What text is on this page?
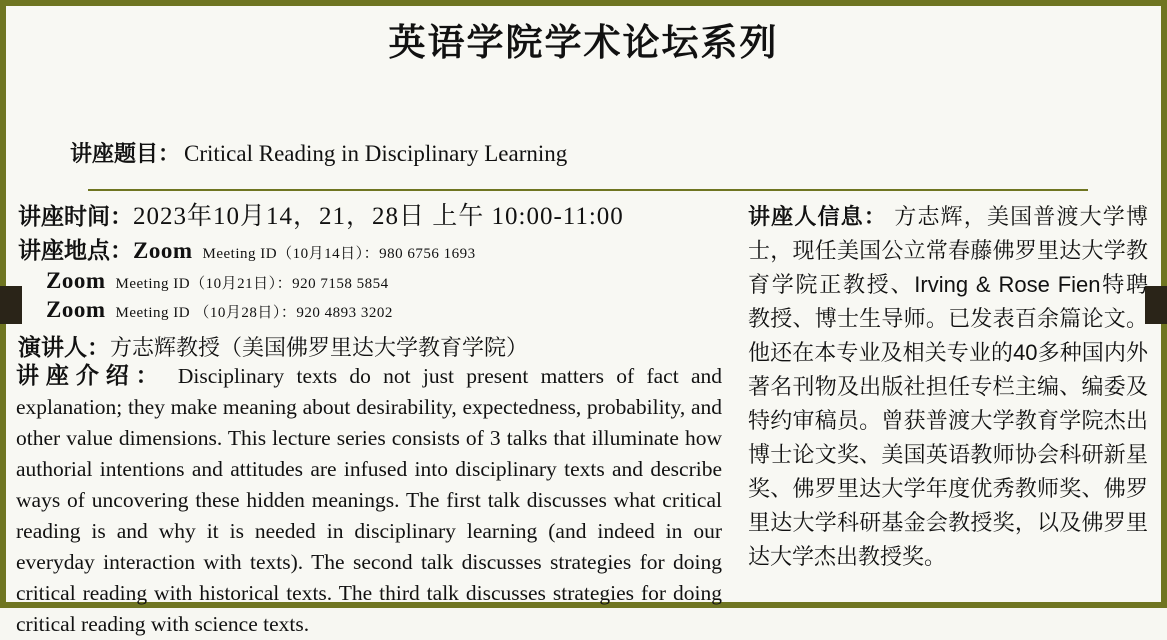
英语学院学术论坛系列
讲座题目： Critical Reading in Disciplinary Learning
讲座时间： 2023年10月14，21，28日 上午 10:00-11:00
讲座地点： Zoom Meeting ID（10月14日）：980 6756 1693
Zoom Meeting ID（10月21日）：920 7158 5854
Zoom Meeting ID （10月28日）：920 4893 3202
演讲人： 方志辉教授（美国佛罗里达大学教育学院）
讲座介绍： Disciplinary texts do not just present matters of fact and explanation; they make meaning about desirability, expectedness, probability, and other value dimensions. This lecture series consists of 3 talks that illuminate how authorial intentions and attitudes are infused into disciplinary texts and describe ways of uncovering these hidden meanings. The first talk discusses what critical reading is and why it is needed in disciplinary learning (and indeed in our everyday interaction with texts). The second talk discusses strategies for doing critical reading with historical texts. The third talk discusses strategies for doing critical reading with science texts.
讲座人信息： 方志辉，美国普渡大学博士，现任美国公立常春藤佛罗里达大学教育学院正教授、Irving & Rose Fien特聘教授、博士生导师。已发表百余篇论文。他还在本专业及相关专业的40多种国内外著名刊物及出版社担任专栏主编、编委及特约审稿员。曾获普渡大学教育学院杰出博士论文奖、美国英语教师协会科研新星奖、佛罗里达大学年度优秀教师奖、佛罗里达大学科研基金会教授奖，以及佛罗里达大学杰出教授奖。
